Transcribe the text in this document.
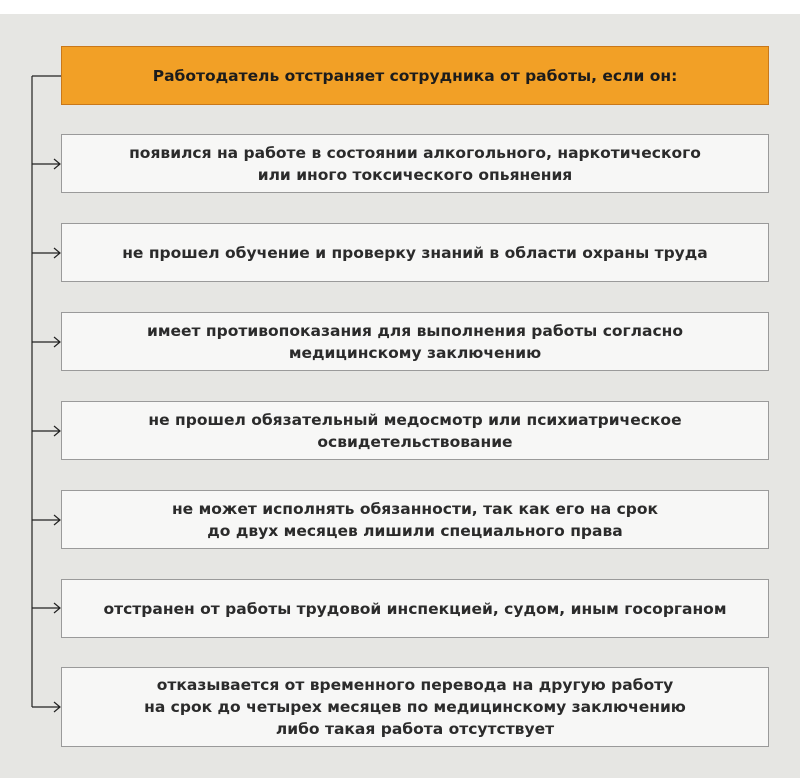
Работодатель отстраняет сотрудника от работы, если он:
появился на работе в состоянии алкогольного, наркотического
или иного токсического опьянения
не прошел обучение и проверку знаний в области охраны труда
имеет противопоказания для выполнения работы согласно
медицинскому заключению
не прошел обязательный медосмотр или психиатрическое
освидетельствование
не может исполнять обязанности, так как его на срок
до двух месяцев лишили специального права
отстранен от работы трудовой инспекцией, судом, иным госорганом
отказывается от временного перевода на другую работу
на срок до четырех месяцев по медицинскому заключению
либо такая работа отсутствует
